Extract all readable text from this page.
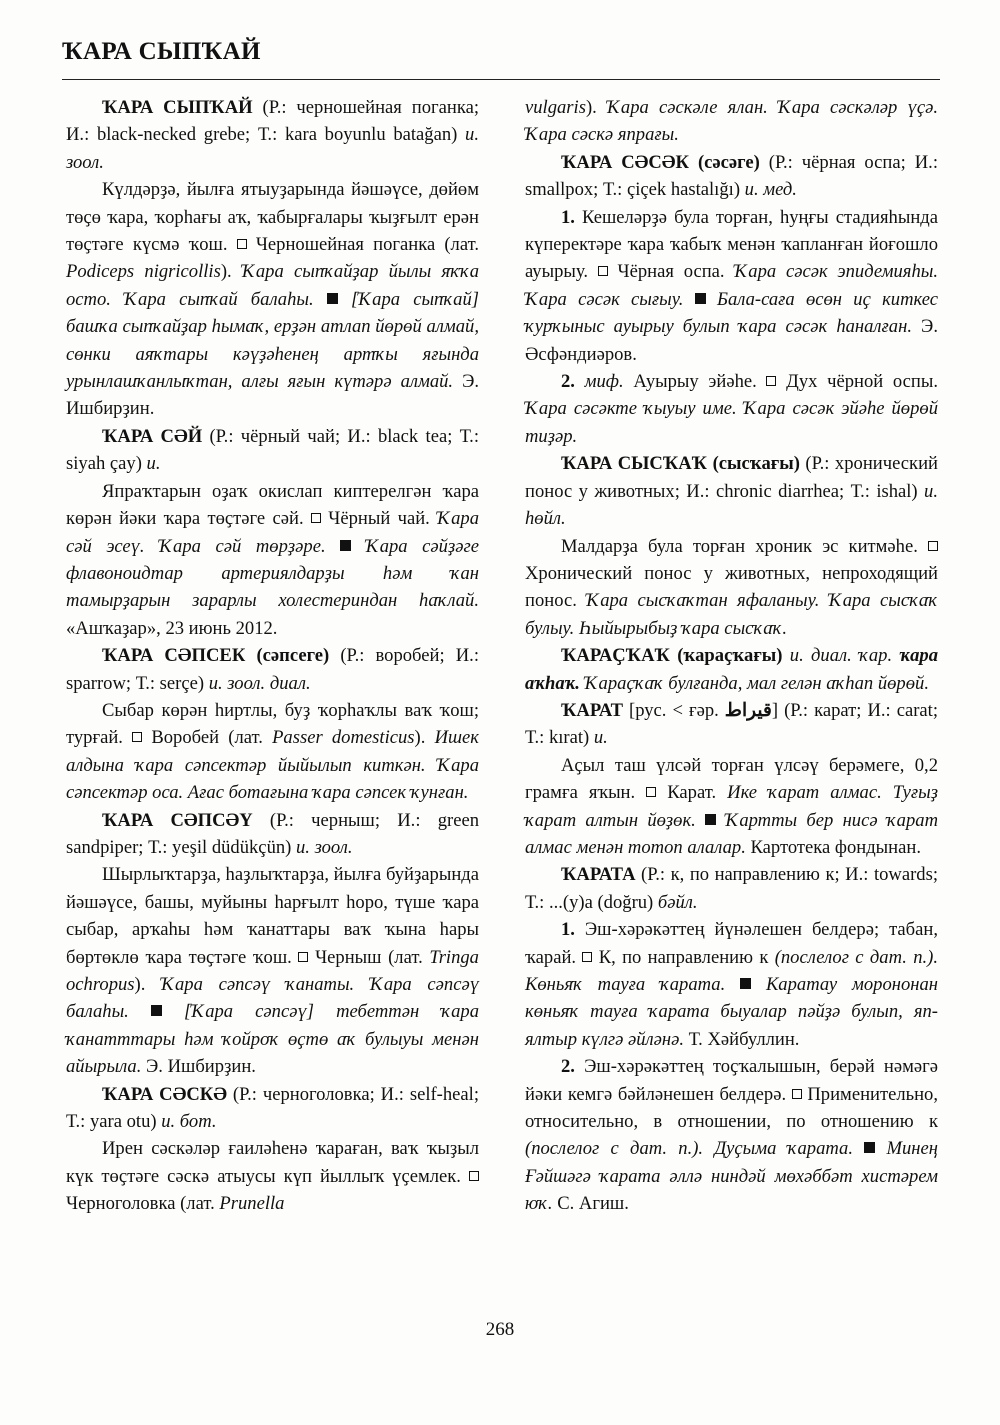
ҠАРА СЫПҠАЙ

ҠАРА СЫПҠАЙ (Р.: черношейная поганка; И.: black-necked grebe; Т.: kara boyunlu batağan) и. зоол.

Күлдәрҙә, йылға ятыуҙарында йәшәүсе, дөйөм төҫө ҡара, ҡорһағы аҡ, ҡабырғалары ҡыҙғылт ерән төҫтәге күсмә ҡош.  Черношейная поганка (лат. Podiceps nigricollis). Ҡара сыпҡайҙар йылы яҡҡа осто. Ҡара сыпҡай балаһы. [Ҡара сыпҡай] башҡа сыпҡайҙар һымаҡ, ерҙән атлап йөрөй алмай, сөнки аяҡтары кәүҙәһенең артҡы яғында урынлашҡанлыҡтан, алғы яғын күтәрә алмай. Э. Ишбирҙин.

ҠАРА СӘЙ (Р.: чёрный чай; И.: black tea; Т.: siyah çay) и.

Япраҡтарын оҙаҡ окислап киптерелгән ҡара көрән йәки ҡара төҫтәге сәй.  Чёрный чай. Ҡара сәй эсеү. Ҡара сәй төрҙәре. Ҡара сәйҙәге флавоноидтар артериялдарҙы һәм ҡан тамырҙарын зарарлы холестериндан һаҡлай. «Ашҡаҙар», 23 июнь 2012.

ҠАРА СӘПСЕК (сәпсеге) (Р.: воробей; И.: sparrow; Т.: serçe) и. зоол. диал.

Сыбар көрән һиртлы, буҙ ҡорһаҡлы ваҡ ҡош; турғай.  Воробей (лат. Passer domesticus). Ишек алдына ҡара сәпсектәр йыйылып киткән. Ҡара сәпсектәр оса. Ағас ботағына ҡара сәпсек ҡунған.

ҠАРА СӘПСӘҮ (Р.: черныш; И.: green sandpiper; Т.: yeşil düdükçün) и. зоол.

Шырлыҡтарҙа, һаҙлыҡтарҙа, йылға буйҙарында йәшәүсе, башы, муйыны һарғылт һоро, түше ҡара сыбар, арҡаһы һәм ҡанаттары ваҡ ҡына һары бөртөклө ҡара төҫтәге ҡош.  Черныш (лат. Tringa ochropus). Ҡара сәпсәү ҡанаты. Ҡара сәпсәү балаһы.	[Ҡара сәпсәү] тебеттән ҡара ҡанатттары һәм ҡойроҡ өҫтө аҡ булыуы менән айырыла. Э. Ишбирҙин.

ҠАРА СӘСКӘ (Р.: черноголовка; И.: self-heal; Т.: yara otu) и. бот.

Ирен сәскәләр ғаиләһенә ҡараған, ваҡ ҡыҙыл күк төҫтәге сәскә атыусы күп йыллыҡ үҫемлек.  Черноголовка (лат. Prunella

vulgaris). Ҡара сәскәле ялан. Ҡара сәскәләр үҫә. Ҡара сәскә япрағы.

ҠАРА СӘСӘК (сәсәге) (Р.: чёрная оспа; И.: smallpox; Т.: çiçek hastalığı) и. мед.

1. Кешеләрҙә була торған, һуңғы стадияһында күперектәре ҡара ҡабыҡ менән ҡапланған йоғошло ауырыу.  Чёрная оспа. Ҡара сәсәк эпидемияһы. Ҡара сәсәк сығыу. Бала-саға өсөн иҫ киткес ҡурҡыныс ауырыу булып ҡара сәсәк һаналған. Э. Әсфәндиәров.

2. миф. Ауырыу эйәһе.  Дух чёрной оспы. Ҡара сәсәкте ҡыуыу име. Ҡара сәсәк эйәһе йөрөй тиҙәр.

ҠАРА СЫСҠАҠ (сысҡағы) (Р.: хронический понос у животных; И.: chronic diarrhea; Т.: ishal) и. һөйл.

Малдарҙа була торған хроник эс китмәһе.  Хронический понос у животных, непроходящий понос. Ҡара сысҡаҡтан яфаланыу. Ҡара сысҡаҡ булыу. Һыйырыбыҙ ҡара сысҡаҡ.

ҠАРАҪҠАҠ (ҡараҫҡағы) и. диал. ҡар. ҡара аҡһаҡ. Ҡараҫҡаҡ булғанда, мал гелән аҡһап йөрөй.

ҠАРАТ [рус. < ғәр. قيراط] (Р.: карат; И.: carat; Т.: kırat) и.

Аҫыл таш үлсәй торған үлсәү берәмеге, 0,2 грамға яҡын.  Карат. Ике ҡарат алмас. Туғыҙ ҡарат алтын йөҙөк. Ҡартты бер нисә ҡарат алмас менән тотоп алалар. Картотека фондынан.

ҠАРАТА (Р.: к, по направлению к; И.: towards; Т.: ...(y)a (doğru) бәйл.

1. Эш-хәрәкәттең йүнәлешен белдерә; табан, ҡарай.  К, по направлению к (послелог с дат. п.). Көньяҡ тауға ҡарата. Каратау морононан көньяҡ тауға ҡарата быуалар пәйҙә булып, яп-ялтыр күлгә әйләнә. Т. Хәйбуллин.

2. Эш-хәрәкәттең тоҫҡалышын, берәй нәмәгә йәки кемгә бәйләнешен белдерә.  Применительно, относительно, в отношении, по отношению к (послелог с дат. п.). Дуҫыма ҡарата. Минең Ғәйшәгә ҡарата әллә ниндәй мөхәббәт хистәрем юҡ. С. Агиш.

268
